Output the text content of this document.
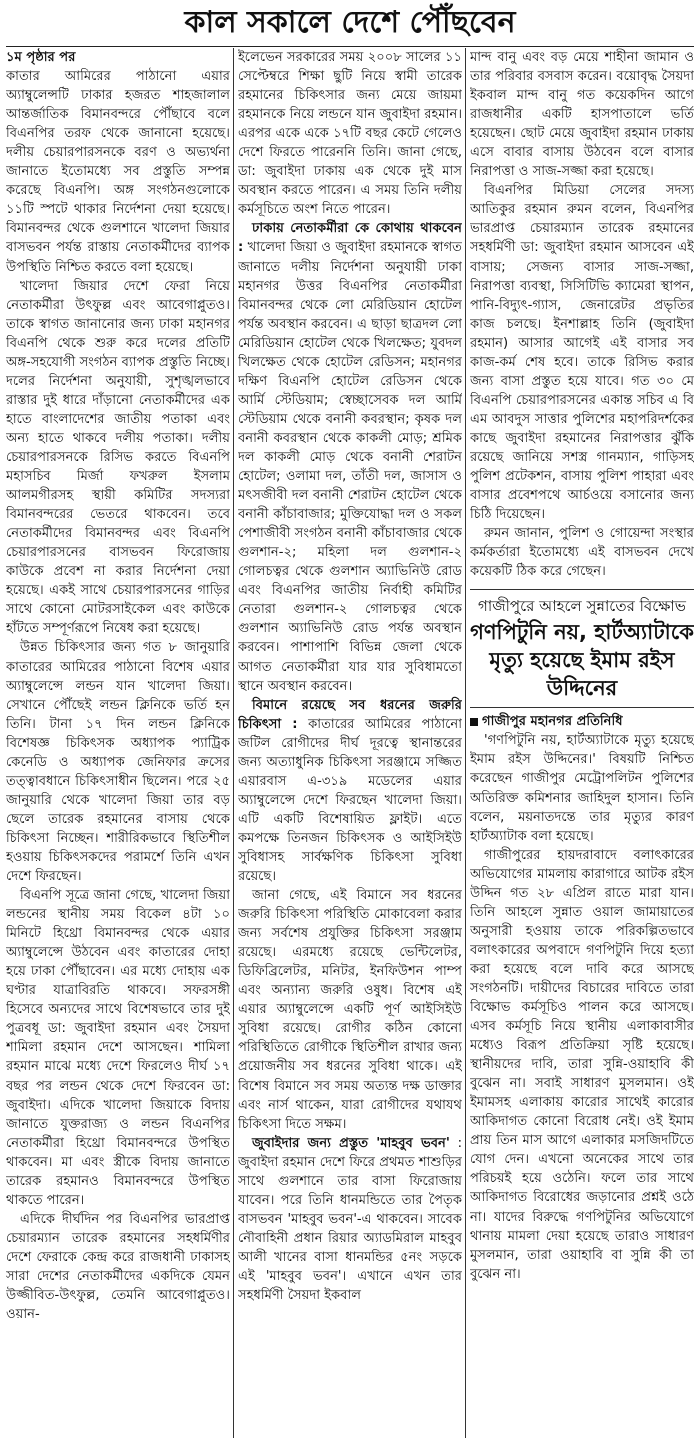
কাল সকালে দেশে পৌঁছবেন

১ম পৃষ্ঠার পর

কাতার আমিরের পাঠানো এয়ার অ্যাম্বুলেন্সটি ঢাকার হজরত শাহজালাল আন্তর্জাতিক বিমানবন্দরে পৌঁছাবে বলে বিএনপির তরফ থেকে জানানো হয়েছে। দলীয় চেয়ারপারসনকে বরণ ও অভ্যর্থনা জানাতে ইতোমধ্যে সব প্রস্তুতি সম্পন্ন করেছে বিএনপি। অঙ্গ সংগঠনগুলোকে ১১টি স্পটে থাকার নির্দেশনা দেয়া হয়েছে। বিমানবন্দর থেকে গুলশানে খালেদা জিয়ার বাসভবন পর্যন্ত রাস্তায় নেতাকর্মীদের ব্যাপক উপস্থিতি নিশ্চিত করতে বলা হয়েছে।

খালেদা জিয়ার দেশে ফেরা নিয়ে নেতাকর্মীরা উৎফুল্ল এবং আবেগাপ্লুতও। তাকে স্বাগত জানানোর জন্য ঢাকা মহানগর বিএনপি থেকে শুরু করে দলের প্রতিটি অঙ্গ-সহযোগী সংগঠন ব্যাপক প্রস্তুতি নিচ্ছে। দলের নির্দেশনা অনুযায়ী, সুশৃঙ্খলভাবে রাস্তার দুই ধারে দাঁড়ানো নেতাকর্মীদের এক হাতে বাংলাদেশের জাতীয় পতাকা এবং অন্য হাতে থাকবে দলীয় পতাকা। দলীয় চেয়ারপারসনকে রিসিভ করতে বিএনপি মহাসচিব মির্জা ফখরুল ইসলাম আলমগীরসহ স্থায়ী কমিটির সদস্যরা বিমানবন্দরের ভেতরে থাকবেন। তবে নেতাকর্মীদের বিমানবন্দর এবং বিএনপি চেয়ারপারসনের বাসভবন ফিরোজায় কাউকে প্রবেশ না করার নির্দেশনা দেয়া হয়েছে। একই সাথে চেয়ারপারসনের গাড়ির সাথে কোনো মোটরসাইকেল এবং কাউকে হাঁটতে সম্পূর্ণরূপে নিষেধ করা হয়েছে।

উন্নত চিকিৎসার জন্য গত ৮ জানুয়ারি কাতারের আমিরের পাঠানো বিশেষ এয়ার অ্যাম্বুলেন্সে লন্ডন যান খালেদা জিয়া। সেখানে পৌঁছেই লন্ডন ক্লিনিকে ভর্তি হন তিনি। টানা ১৭ দিন লন্ডন ক্লিনিকে বিশেষজ্ঞ চিকিৎসক অধ্যাপক প্যাট্রিক কেনেডি ও অধ্যাপক জেনিফার ক্রসের তত্ত্বাবধানে চিকিৎসাধীন ছিলেন। পরে ২৫ জানুয়ারি থেকে খালেদা জিয়া তার বড় ছেলে তারেক রহমানের বাসায় থেকে চিকিৎসা নিচ্ছেন। শারীরিকভাবে স্থিতিশীল হওয়ায় চিকিৎসকদের পরামর্শে তিনি এখন দেশে ফিরছেন।

বিএনপি সূত্রে জানা গেছে, খালেদা জিয়া লন্ডনের স্থানীয় সময় বিকেল ৪টা ১০ মিনিটে হিথ্রো বিমানবন্দর থেকে এয়ার অ্যাম্বুলেন্সে উঠবেন এবং কাতারের দোহা হয়ে ঢাকা পৌঁছাবেন। এর মধ্যে দোহায় এক ঘণ্টার যাত্রাবিরতি থাকবে। সফরসঙ্গী হিসেবে অন্যদের সাথে বিশেষভাবে তার দুই পুত্রবধূ ডা: জুবাইদা রহমান এবং সৈয়দা শামিলা রহমান দেশে আসছেন। শামিলা রহমান মাঝে মধ্যে দেশে ফিরলেও দীর্ঘ ১৭ বছর পর লন্ডন থেকে দেশে ফিরবেন ডা: জুবাইদা। এদিকে খালেদা জিয়াকে বিদায় জানাতে যুক্তরাজ্য ও লন্ডন বিএনপির নেতাকর্মীরা হিথ্রো বিমানবন্দরে উপস্থিত থাকবেন। মা এবং স্ত্রীকে বিদায় জানাতে তারেক রহমানও বিমানবন্দরে উপস্থিত থাকতে পারেন।

এদিকে দীর্ঘদিন পর বিএনপির ভারপ্রাপ্ত চেয়ারম্যান তারেক রহমানের সহধর্মিণীর দেশে ফেরাকে কেন্দ্র করে রাজধানী ঢাকাসহ সারা দেশের নেতাকর্মীদের একদিকে যেমন উজ্জীবিত-উৎফুল্ল, তেমনি আবেগাপ্লুতও। ওয়ান-

ইলেভেন সরকারের সময় ২০০৮ সালের ১১ সেপ্টেম্বরে শিক্ষা ছুটি নিয়ে স্বামী তারেক রহমানের চিকিৎসার জন্য মেয়ে জায়মা রহমানকে নিয়ে লন্ডনে যান জুবাইদা রহমান। এরপর একে একে ১৭টি বছর কেটে গেলেও দেশে ফিরতে পারেননি তিনি। জানা গেছে, ডা: জুবাইদা ঢাকায় এক থেকে দুই মাস অবস্থান করতে পারেন। এ সময় তিনি দলীয় কর্মসূচিতে অংশ নিতে পারেন।

ঢাকায় নেতাকর্মীরা কে কোথায় থাকবেন : খালেদা জিয়া ও জুবাইদা রহমানকে স্বাগত জানাতে দলীয় নির্দেশনা অনুযায়ী ঢাকা মহানগর উত্তর বিএনপির নেতাকর্মীরা বিমানবন্দর থেকে লো মেরিডিয়ান হোটেল পর্যন্ত অবস্থান করবেন। এ ছাড়া ছাত্রদল লো মেরিডিয়ান হোটেল থেকে খিলক্ষেত; যুবদল খিলক্ষেত থেকে হোটেল রেডিসন; মহানগর দক্ষিণ বিএনপি হোটেল রেডিসন থেকে আর্মি স্টেডিয়াম; স্বেচ্ছাসেবক দল আর্মি স্টেডিয়াম থেকে বনানী কবরস্থান; কৃষক দল বনানী কবরস্থান থেকে কাকলী মোড়; শ্রমিক দল কাকলী মোড় থেকে বনানী শেরাটন হোটেল; ওলামা দল, তাঁতী দল, জাসাস ও মৎসজীবী দল বনানী শেরাটন হোটেল থেকে বনানী কাঁচাবাজার; মুক্তিযোদ্ধা দল ও সকল পেশাজীবী সংগঠন বনানী কাঁচাবাজার থেকে গুলশান-২; মহিলা দল গুলশান-২ গোলচত্বর থেকে গুলশান অ্যাভিনিউ রোড এবং বিএনপির জাতীয় নির্বাহী কমিটির নেতারা গুলশান-২ গোলচত্বর থেকে গুলশান অ্যাভিনিউ রোড পর্যন্ত অবস্থান করবেন। পাশাপাশি বিভিন্ন জেলা থেকে আগত নেতাকর্মীরা যার যার সুবিধামতো স্থানে অবস্থান করবেন।

বিমানে রয়েছে সব ধরনের জরুরি চিকিৎসা : কাতারের আমিরের পাঠানো জটিল রোগীদের দীর্ঘ দূরত্বে স্থানান্তরের জন্য অত্যাধুনিক চিকিৎসা সরঞ্জামে সজ্জিত এয়ারবাস এ-৩১৯ মডেলের এয়ার অ্যাম্বুলেন্সে দেশে ফিরছেন খালেদা জিয়া। এটি একটি বিশেষায়িত ফ্লাইট। এতে কমপক্ষে তিনজন চিকিৎসক ও আইসিইউ সুবিধাসহ সার্বক্ষণিক চিকিৎসা সুবিধা রয়েছে।

জানা গেছে, এই বিমানে সব ধরনের জরুরি চিকিৎসা পরিস্থিতি মোকাবেলা করার জন্য সর্বশেষ প্রযুক্তির চিকিৎসা সরঞ্জাম রয়েছে। এরমধ্যে রয়েছে ভেন্টিলেটর, ডিফিব্রিলেটর, মনিটর, ইনফিউশন পাম্প এবং অন্যান্য জরুরি ওষুধ। বিশেষ এই এয়ার অ্যাম্বুলেন্সে একটি পূর্ণ আইসিইউ সুবিধা রয়েছে। রোগীর কঠিন কোনো পরিস্থিতিতে রোগীকে স্থিতিশীল রাখার জন্য প্রয়োজনীয় সব ধরনের সুবিধা থাকে। এই বিশেষ বিমানে সব সময় অত্যন্ত দক্ষ ডাক্তার এবং নার্স থাকেন, যারা রোগীদের যথাযথ চিকিৎসা দিতে সক্ষম।

জুবাইদার জন্য প্রস্তুত 'মাহবুব ভবন' : জুবাইদা রহমান দেশে ফিরে প্রথমত শাশুড়ির সাথে গুলশানে তার বাসা ফিরোজায় যাবেন। পরে তিনি ধানমন্ডিতে তার পৈতৃক বাসভবন 'মাহবুব ভবন'-এ থাকবেন। সাবেক নৌবাহিনী প্রধান রিয়ার অ্যাডমিরাল মাহবুব আলী খানের বাসা ধানমন্ডির ৫নং সড়কে এই 'মাহবুব ভবন'। এখানে এখন তার সহধর্মিণী সৈয়দা ইকবাল

মান্দ বানু এবং বড় মেয়ে শাহীনা জামান ও তার পরিবার বসবাস করেন। বয়োবৃদ্ধ সৈয়দা ইকবাল মান্দ বানু গত কয়েকদিন আগে রাজধানীর একটি হাসপাতালে ভর্তি হয়েছেন। ছোট মেয়ে জুবাইদা রহমান ঢাকায় এসে বাবার বাসায় উঠবেন বলে বাসার নিরাপত্তা ও সাজ-সজ্জা করা হয়েছে।

বিএনপির মিডিয়া সেলের সদস্য আতিকুর রহমান রুমন বলেন, বিএনপির ভারপ্রাপ্ত চেয়ারম্যান তারেক রহমানের সহধর্মিণী ডা: জুবাইদা রহমান আসবেন এই বাসায়; সেজন্য বাসার সাজ-সজ্জা, নিরাপত্তা ব্যবস্থা, সিসিটিভি ক্যামেরা স্থাপন, পানি-বিদ্যুৎ-গ্যাস, জেনারেটর প্রভৃতির কাজ চলছে। ইনশাল্লাহ তিনি (জুবাইদা রহমান) আসার আগেই এই বাসার সব কাজ-কর্ম শেষ হবে। তাকে রিসিভ করার জন্য বাসা প্রস্তুত হয়ে যাবে। গত ৩০ মে বিএনপি চেয়ারপারসনের একান্ত সচিব এ বি এম আবদুস সাত্তার পুলিশের মহাপরিদর্শকের কাছে জুবাইদা রহমানের নিরাপত্তার ঝুঁকি রয়েছে জানিয়ে সশস্ত্র গানম্যান, গাড়িসহ পুলিশ প্রটেকশন, বাসায় পুলিশ পাহারা এবং বাসার প্রবেশপথে আর্চওয়ে বসানোর জন্য চিঠি দিয়েছেন।

রুমন জানান, পুলিশ ও গোয়েন্দা সংস্থার কর্মকর্তারা ইতোমধ্যে এই বাসভবন দেখে কয়েকটি ঠিক করে গেছেন।

গাজীপুরে আহলে সুন্নাতের বিক্ষোভ
গণপিটুনি নয়, হার্টঅ্যাটাকে মৃত্যু হয়েছে ইমাম রইস উদ্দিনের

গাজীপুর মহানগর প্রতিনিধি

'গণপিটুনি নয়, হার্টঅ্যাটাকে মৃত্যু হয়েছে ইমাম রইস উদ্দিনের।' বিষয়টি নিশ্চিত করেছেন গাজীপুর মেট্রোপলিটন পুলিশের অতিরিক্ত কমিশনার জাহিদুল হাসান। তিনি বলেন, ময়নাতদন্তে তার মৃত্যুর কারণ হার্টঅ্যাটাক বলা হয়েছে।

গাজীপুরের হায়দরাবাদে বলাৎকারের অভিযোগের মামলায় কারাগারে আটক রইস উদ্দিন গত ২৮ এপ্রিল রাতে মারা যান। তিনি আহলে সুন্নাত ওয়াল জামায়াতের অনুসারী হওয়ায় তাকে পরিকল্পিতভাবে বলাৎকারের অপবাদে গণপিটুনি দিয়ে হত্যা করা হয়েছে বলে দাবি করে আসছে সংগঠনটি। দায়ীদের বিচারের দাবিতে তারা বিক্ষোভ কর্মসূচিও পালন করে আসছে। এসব কর্মসূচি নিয়ে স্থানীয় এলাকাবাসীর মধ্যেও বিরূপ প্রতিক্রিয়া সৃষ্টি হয়েছে। স্থানীয়দের দাবি, তারা সুন্নি-ওয়াহাবি কী বুঝেন না। সবাই সাধারণ মুসলমান। ওই ইমামসহ এলাকায় কারোর সাথেই কারোর আকিদাগত কোনো বিরোধ নেই। ওই ইমাম প্রায় তিন মাস আগে এলাকার মসজিদটিতে যোগ দেন। এখনো অনেকের সাথে তার পরিচয়ই হয়ে ওঠেনি। ফলে তার সাথে আকিদাগত বিরোধের জড়ানোর প্রশ্নই ওঠে না। যাদের বিরুদ্ধে গণপিটুনির অভিযোগে থানায় মামলা দেয়া হয়েছে তারাও সাধারণ মুসলমান, তারা ওয়াহাবি বা সুন্নি কী তা বুঝেন না।
